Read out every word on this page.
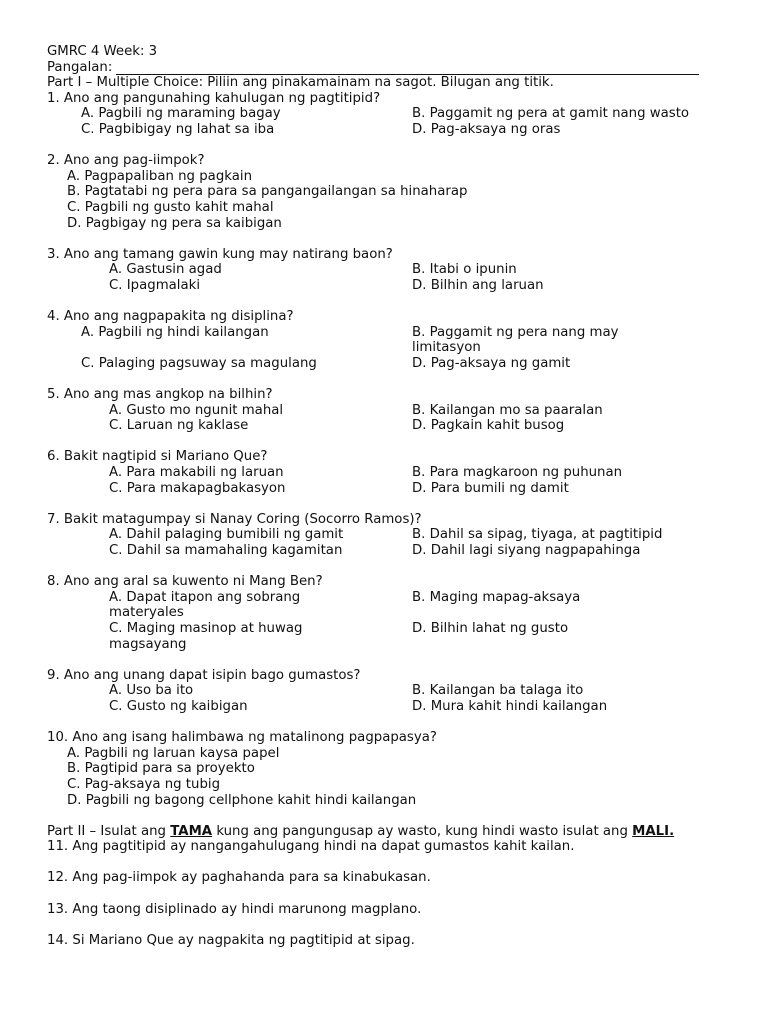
GMRC 4 Week: 3
Pangalan:
Part I – Multiple Choice: Piliin ang pinakamainam na sagot. Bilugan ang titik.
1. Ano ang pangunahing kahulugan ng pagtitipid?
A. Pagbili ng maraming bagay	B. Paggamit ng pera at gamit nang wasto
C. Pagbibigay ng lahat sa iba	D. Pag-aksaya ng oras
2. Ano ang pag-iimpok?
A. Pagpapaliban ng pagkain
B. Pagtatabi ng pera para sa pangangailangan sa hinaharap
C. Pagbili ng gusto kahit mahal
D. Pagbigay ng pera sa kaibigan
3. Ano ang tamang gawin kung may natirang baon?
A. Gastusin agad	B. Itabi o ipunin
C. Ipagmalaki	D. Bilhin ang laruan
4. Ano ang nagpapakita ng disiplina?
A. Pagbili ng hindi kailangan	B. Paggamit ng pera nang may limitasyon
C. Palaging pagsuway sa magulang	D. Pag-aksaya ng gamit
5. Ano ang mas angkop na bilhin?
A. Gusto mo ngunit mahal	B. Kailangan mo sa paaralan
C. Laruan ng kaklase	D. Pagkain kahit busog
6. Bakit nagtipid si Mariano Que?
A. Para makabili ng laruan	B. Para magkaroon ng puhunan
C. Para makapagbakasyon	D. Para bumili ng damit
7. Bakit matagumpay si Nanay Coring (Socorro Ramos)?
A. Dahil palaging bumibili ng gamit	B. Dahil sa sipag, tiyaga, at pagtitipid
C. Dahil sa mamahaling kagamitan	D. Dahil lagi siyang nagpapahinga
8. Ano ang aral sa kuwento ni Mang Ben?
A. Dapat itapon ang sobrang materyales
B. Maging mapag-aksaya
C. Maging masinop at huwag magsayang
D. Bilhin lahat ng gusto
9. Ano ang unang dapat isipin bago gumastos?
A. Uso ba ito	B. Kailangan ba talaga ito
C. Gusto ng kaibigan	D. Mura kahit hindi kailangan
10. Ano ang isang halimbawa ng matalinong pagpapasya?
A. Pagbili ng laruan kaysa papel
B. Pagtipid para sa proyekto
C. Pag-aksaya ng tubig
D. Pagbili ng bagong cellphone kahit hindi kailangan
Part II – Isulat ang TAMA kung ang pangungusap ay wasto, kung hindi wasto isulat ang MALI.
11. Ang pagtitipid ay nangangahulugang hindi na dapat gumastos kahit kailan.
12. Ang pag-iimpok ay paghahanda para sa kinabukasan.
13. Ang taong disiplinado ay hindi marunong magplano.
14. Si Mariano Que ay nagpakita ng pagtitipid at sipag.
